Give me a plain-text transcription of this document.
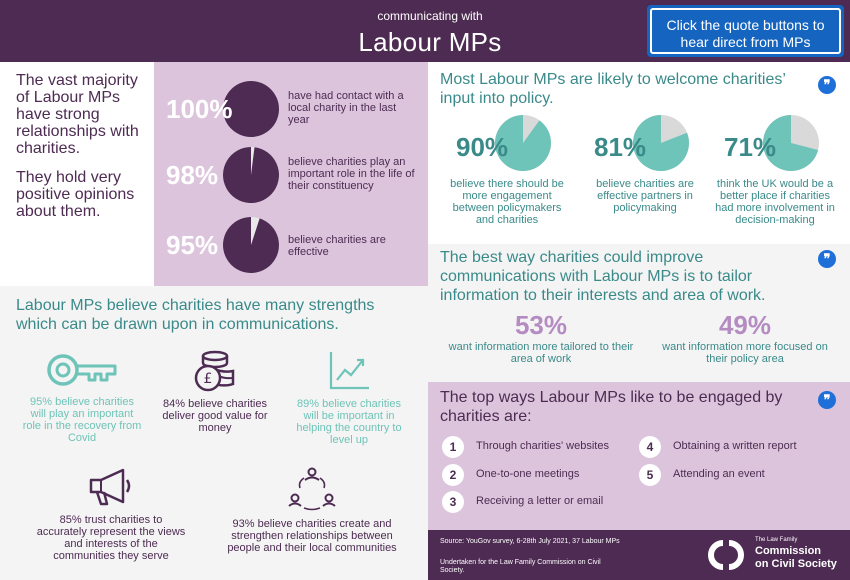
communicating with
Labour MPs
Click the quote buttons to hear direct from MPs

The vast majority of Labour MPs have strong relationships with charities.

They hold very positive opinions about them.

100%	have had contact with a local charity in the last year
98%	believe charities play an important role in the life of their constituency
95%	believe charities are effective
Labour MPs believe charities have many strengths which can be drawn upon in communications.
95% believe charities will play an important role in the recovery from Covid
£
84% believe charities deliver good value for money
89% believe charities will be important in helping the country to level up
85% trust charities to accurately represent the views and interests of the communities they serve
93% believe charities create and strengthen relationships between people and their local communities
Most Labour MPs are likely to welcome charities’ input into policy.
❞
90%
believe there should be more engagement between policymakers and charities
81%
believe charities are effective partners in policymaking
71%
think the UK would be a better place if charities had more involvement in decision-making
The best way charities could improve communications with Labour MPs is to tailor information to their interests and area of work.
❞
53%
want information more tailored to their area of work
49%
want information more focused on their policy area
The top ways Labour MPs like to be engaged by charities are:
❞
1	Through charities' websites
2	One-to-one meetings
3	Receiving a letter or email
4	Obtaining a written report
5	Attending an event
Source: YouGov survey, 6-28th July 2021, 37 Labour MPs
Undertaken for the Law Family Commission on Civil Society.
The Law Family
Commission
on Civil Society
